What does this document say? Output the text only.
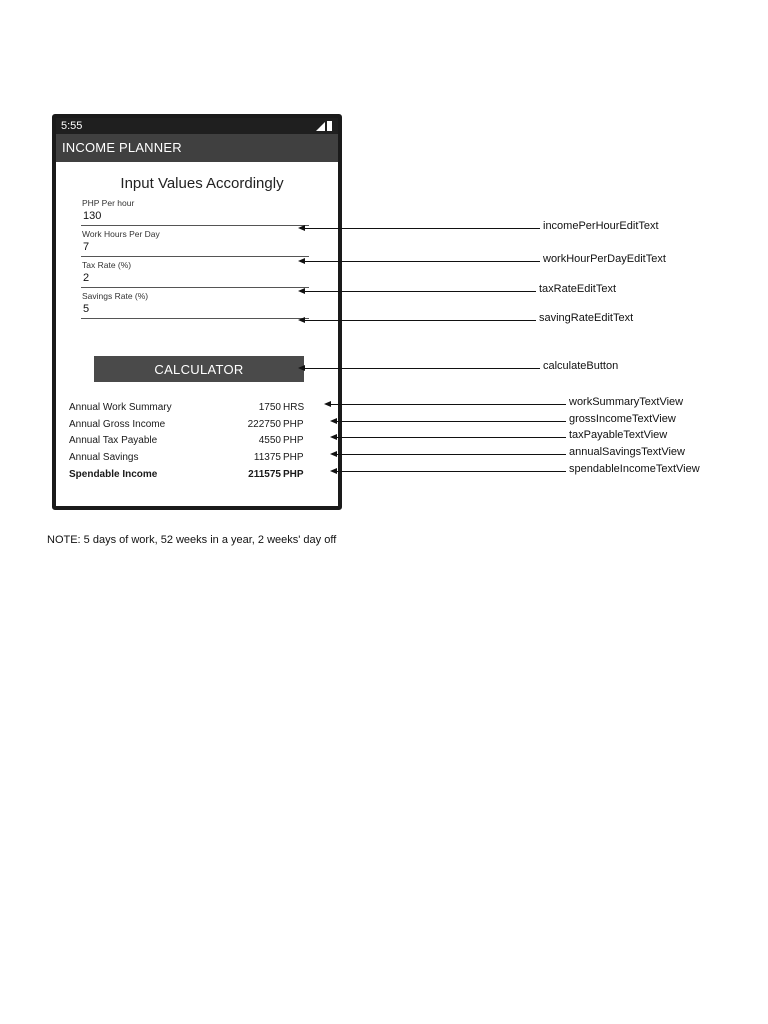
5:55
INCOME PLANNER
Input Values Accordingly
PHP Per hour
130
Work Hours Per Day
7
Tax Rate (%)
2
Savings Rate (%)
5
CALCULATOR
Annual Work Summary	1750 HRS
Annual Gross Income	222750 PHP
Annual Tax Payable	4550 PHP
Annual Savings	11375 PHP
Spendable Income	211575 PHP
incomePerHourEditText
workHourPerDayEditText
taxRateEditText
savingRateEditText
calculateButton
workSummaryTextView
grossIncomeTextView
taxPayableTextView
annualSavingsTextView
spendableIncomeTextView
NOTE: 5 days of work, 52 weeks in a year, 2 weeks' day off
